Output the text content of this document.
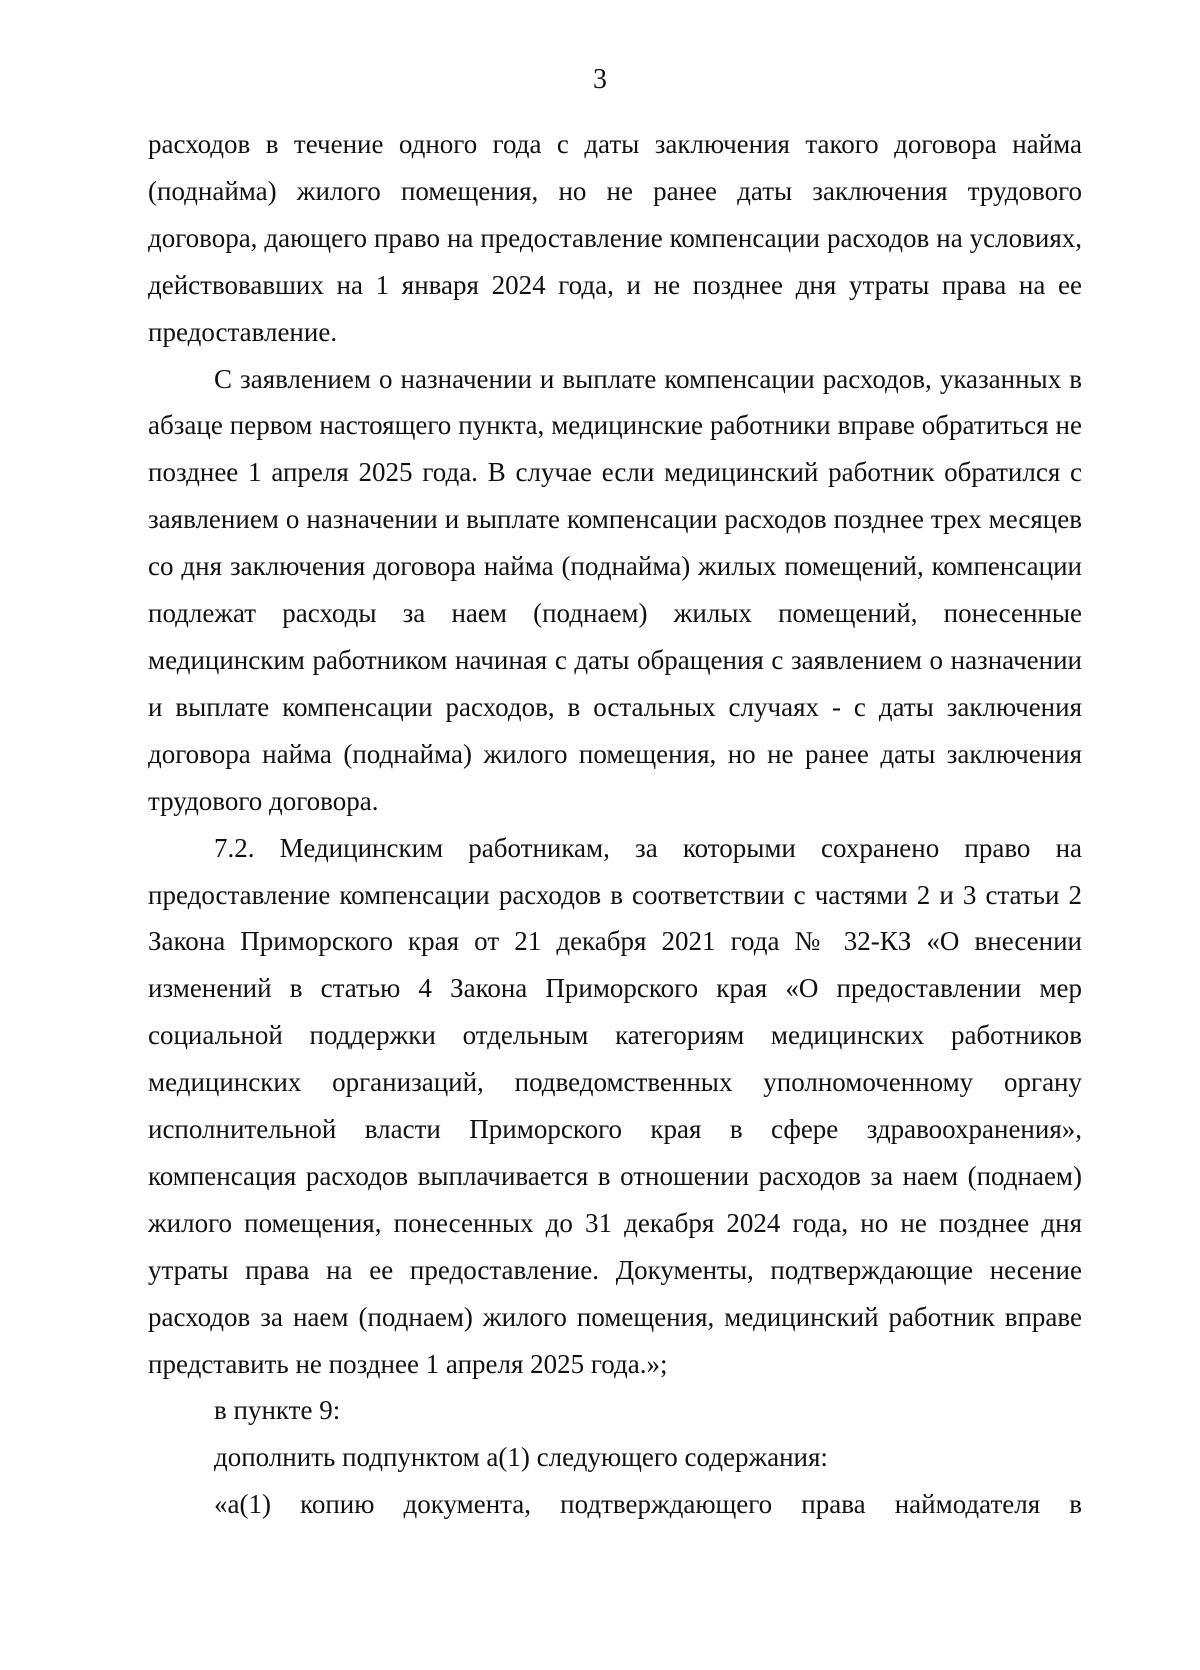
3

расходов в течение одного года с даты заключения такого договора найма (поднайма) жилого помещения, но не ранее даты заключения трудового договора, дающего право на предоставление компенсации расходов на условиях, действовавших на 1 января 2024 года, и не позднее дня утраты права на ее предоставление.

С заявлением о назначении и выплате компенсации расходов, указанных в абзаце первом настоящего пункта, медицинские работники вправе обратиться не позднее 1 апреля 2025 года. В случае если медицинский работник обратился с заявлением о назначении и выплате компенсации расходов позднее трех месяцев со дня заключения договора найма (поднайма) жилых помещений, компенсации подлежат расходы за наем (поднаем) жилых помещений, понесенные медицинским работником начиная с даты обращения с заявлением о назначении и выплате компенсации расходов, в остальных случаях - с даты заключения договора найма (поднайма) жилого помещения, но не ранее даты заключения трудового договора.

7.2. Медицинским работникам, за которыми сохранено право на предоставление компенсации расходов в соответствии с частями 2 и 3 статьи 2 Закона Приморского края от 21 декабря 2021 года № 32-КЗ «О внесении изменений в статью 4 Закона Приморского края «О предоставлении мер социальной поддержки отдельным категориям медицинских работников медицинских организаций, подведомственных уполномоченному органу исполнительной власти Приморского края в сфере здравоохранения», компенсация расходов выплачивается в отношении расходов за наем (поднаем) жилого помещения, понесенных до 31 декабря 2024 года, но не позднее дня утраты права на ее предоставление. Документы, подтверждающие несение расходов за наем (поднаем) жилого помещения, медицинский работник вправе представить не позднее 1 апреля 2025 года.»;

в пункте 9:

дополнить подпунктом а(1) следующего содержания:

«а(1) копию документа, подтверждающего права наймодателя в
